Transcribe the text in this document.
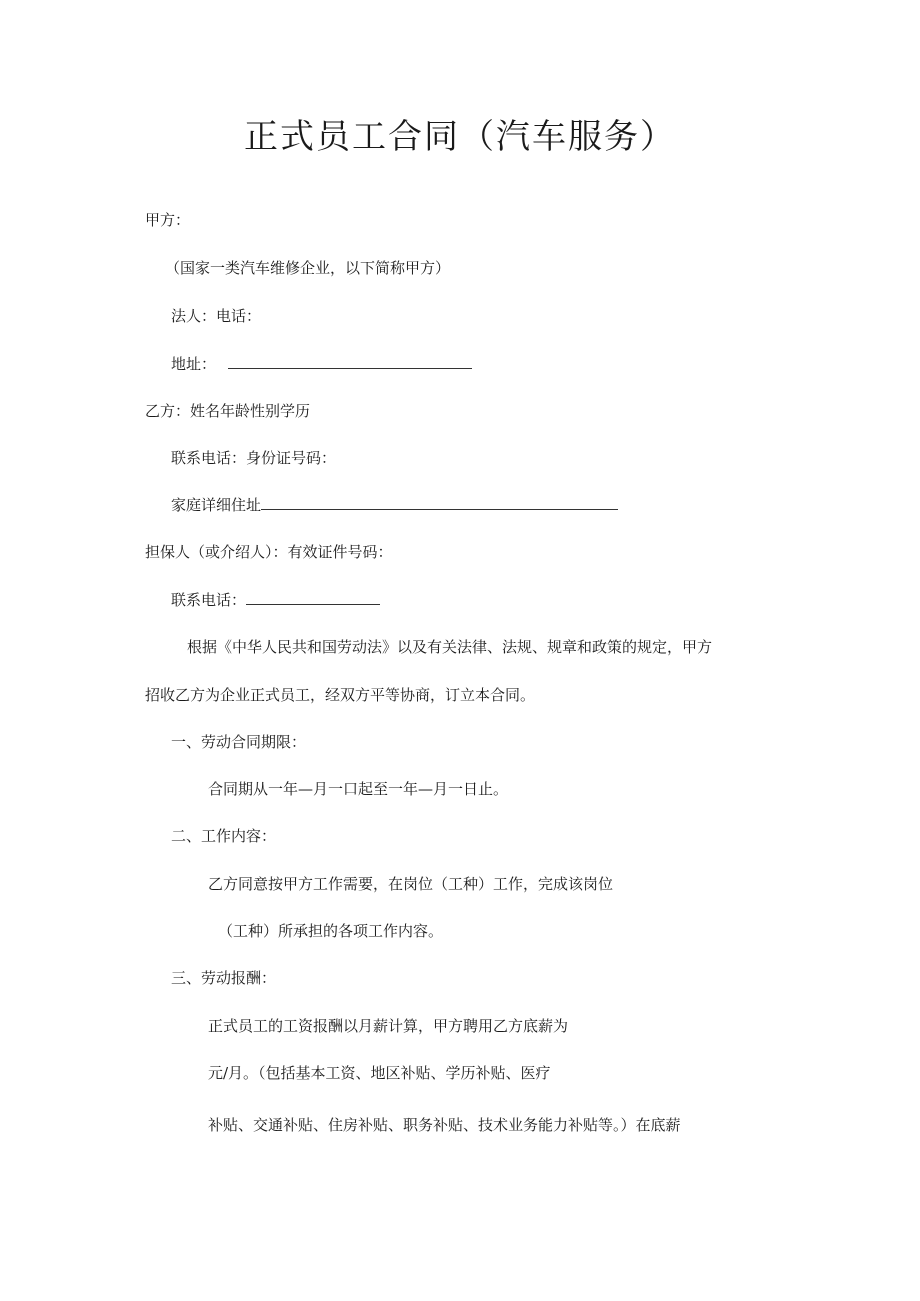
正式员工合同（汽车服务）
甲方：
（国家一类汽车维修企业，以下简称甲方）
法人：电话：
地址：
乙方：姓名年龄性别学历
联系电话：身份证号码：
家庭详细住址
担保人（或介绍人）：有效证件号码：
联系电话：
根据《中华人民共和国劳动法》以及有关法律、法规、规章和政策的规定，甲方
招收乙方为企业正式员工，经双方平等协商，订立本合同。
一、劳动合同期限：
合同期从一年—月一口起至一年—月一日止。
二、工作内容：
乙方同意按甲方工作需要，在岗位（工种）工作，完成该岗位
（工种）所承担的各项工作内容。
三、劳动报酬：
正式员工的工资报酬以月薪计算，甲方聘用乙方底薪为
元/月。（包括基本工资、地区补贴、学历补贴、医疗
补贴、交通补贴、住房补贴、职务补贴、技术业务能力补贴等。）在底薪
